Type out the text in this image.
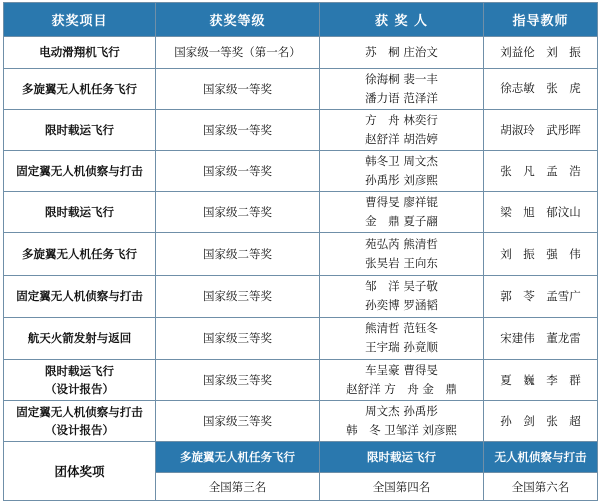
获奖项目	获奖等级	获 奖 人	指导教师

电动滑翔机飞行	国家级一等奖（第一名）	苏　桐 庄治文	刘益伦　刘　振

多旋翼无人机任务飞行	国家级一等奖	徐海桐 裴一丰
潘力语 范泽洋	徐志敏　张　虎

限时载运飞行	国家级一等奖	方　舟 林奕行
赵舒洋 胡浩婷	胡淑玲　武彤晖

固定翼无人机侦察与打击	国家级一等奖	韩冬卫 周文杰
孙禹彤 刘彦熙	张　凡　孟　浩

限时载运飞行	国家级二等奖	曹得旻 廖祥锟
金　鼎 夏子翮	梁　旭　郁汶山

多旋翼无人机任务飞行	国家级二等奖	苑弘芮 熊清哲
张昊岩 王向东	刘　振　强　伟

固定翼无人机侦察与打击	国家级三等奖	邹　洋 吴子敬
孙奕博 罗涵韬	郭　苓　孟雪广

航天火箭发射与返回	国家级三等奖	熊清哲 范钰冬
王宇瑞 孙竟顺	宋建伟　董龙雷

限时载运飞行
（设计报告）	国家级三等奖	车呈豪 曹得旻
赵舒洋 方　舟 金　鼎	夏　巍　李　群

固定翼无人机侦察与打击
（设计报告）	国家级三等奖	周文杰 孙禹彤
韩　冬 卫邹洋 刘彦熙	孙　剑　张　超

团体奖项	多旋翼无人机任务飞行	限时载运飞行	无人机侦察与打击
	全国第三名	全国第四名	全国第六名
